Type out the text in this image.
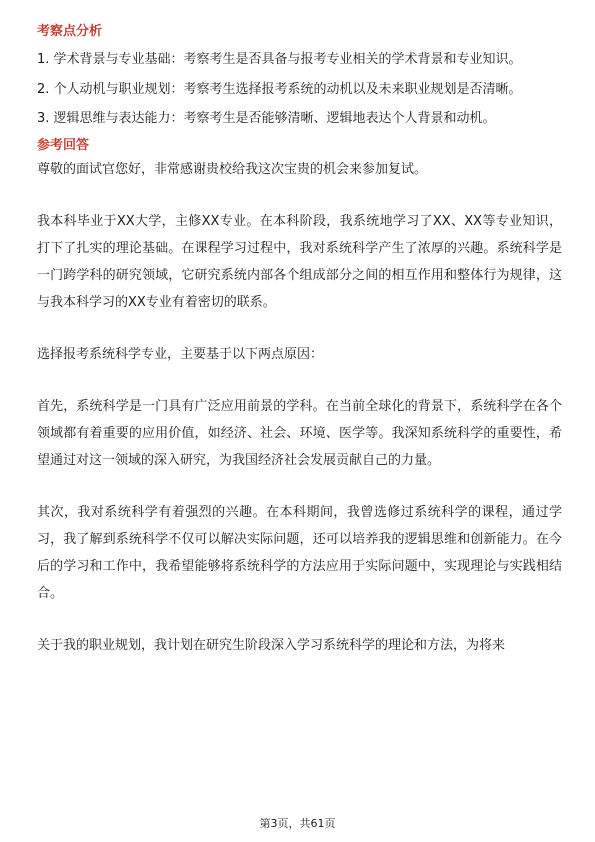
考察点分析

1. 学术背景与专业基础：考察考生是否具备与报考专业相关的学术背景和专业知识。

2. 个人动机与职业规划：考察考生选择报考系统的动机以及未来职业规划是否清晰。

3. 逻辑思维与表达能力：考察考生是否能够清晰、逻辑地表达个人背景和动机。

参考回答

尊敬的面试官您好，非常感谢贵校给我这次宝贵的机会来参加复试。

我本科毕业于XX大学，主修XX专业。在本科阶段，我系统地学习了XX、XX等专业知识，打下了扎实的理论基础。在课程学习过程中，我对系统科学产生了浓厚的兴趣。系统科学是一门跨学科的研究领域，它研究系统内部各个组成部分之间的相互作用和整体行为规律，这与我本科学习的XX专业有着密切的联系。

选择报考系统科学专业，主要基于以下两点原因：

首先，系统科学是一门具有广泛应用前景的学科。在当前全球化的背景下，系统科学在各个领域都有着重要的应用价值，如经济、社会、环境、医学等。我深知系统科学的重要性，希望通过对这一领域的深入研究，为我国经济社会发展贡献自己的力量。

其次，我对系统科学有着强烈的兴趣。在本科期间，我曾选修过系统科学的课程，通过学习，我了解到系统科学不仅可以解决实际问题，还可以培养我的逻辑思维和创新能力。在今后的学习和工作中，我希望能够将系统科学的方法应用于实际问题中，实现理论与实践相结合。

关于我的职业规划，我计划在研究生阶段深入学习系统科学的理论和方法，为将来

第3页，共61页
